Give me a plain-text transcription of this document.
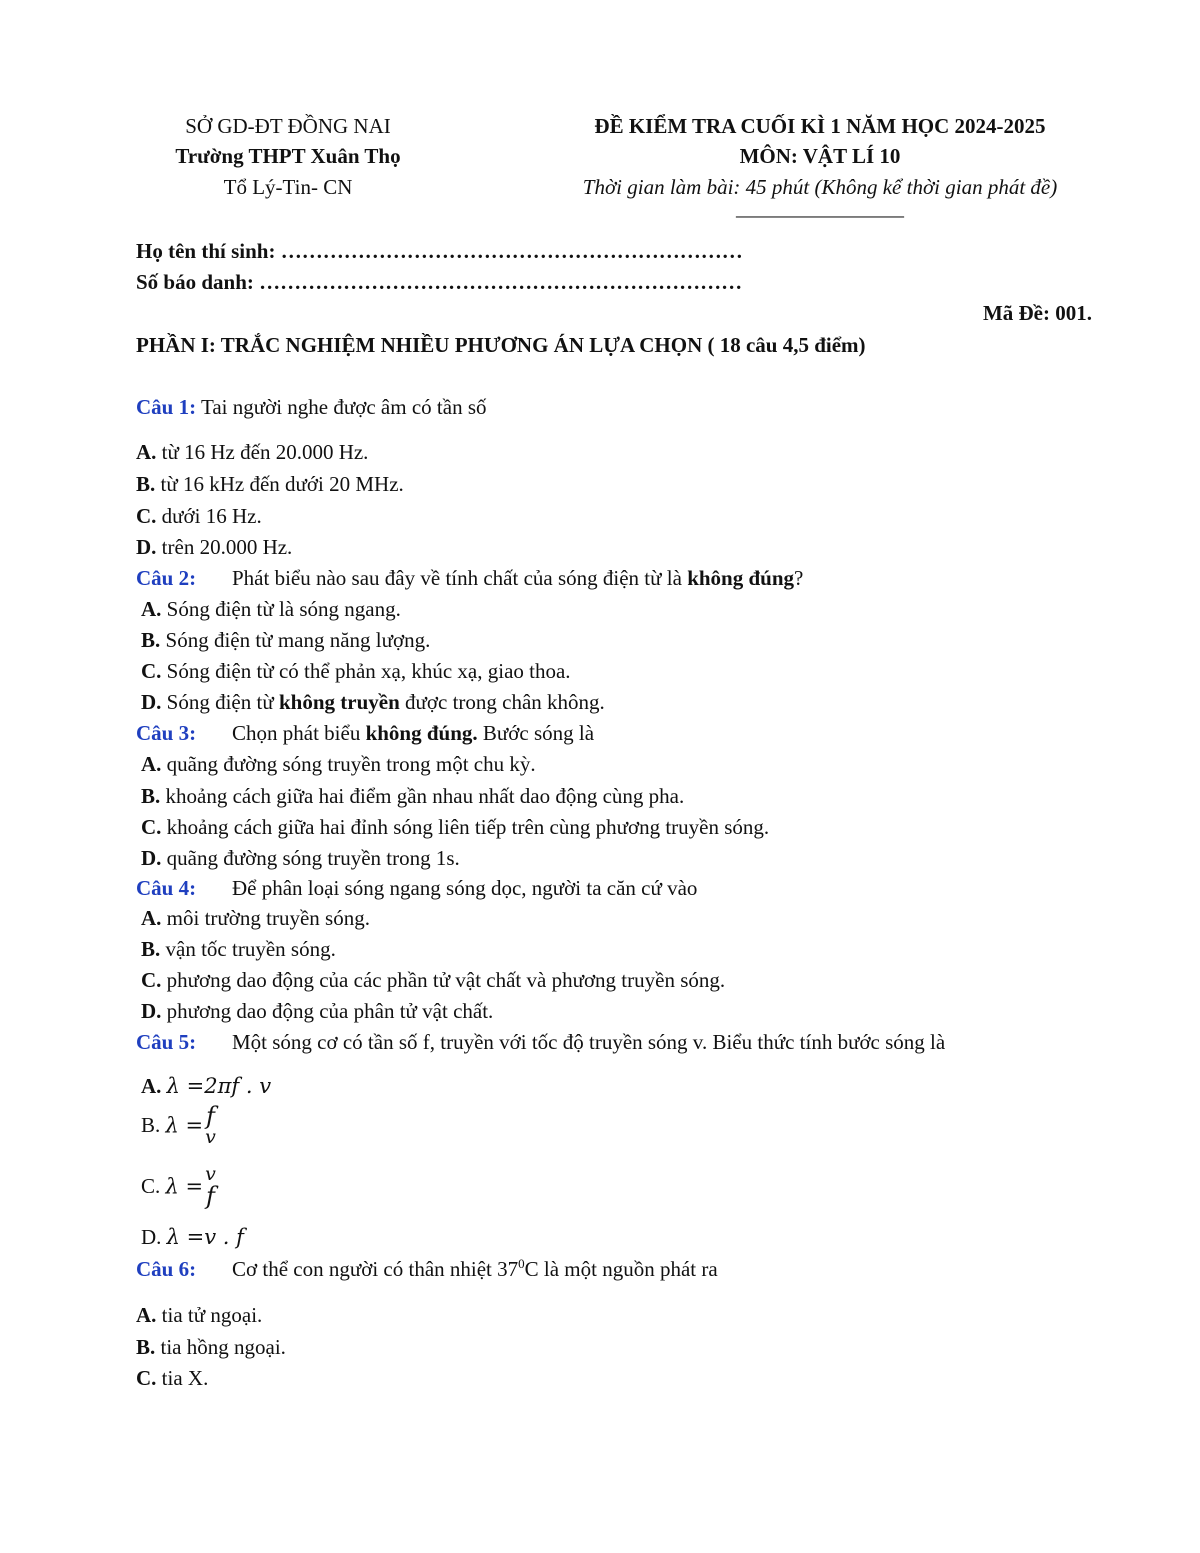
SỞ GD-ĐT ĐỒNG NAI
Trường THPT Xuân Thọ
Tổ Lý-Tin- CN
ĐỀ KIỂM TRA CUỐI KÌ 1 NĂM HỌC 2024-2025
MÔN: VẬT LÍ 10
Thời gian làm bài: 45 phút (Không kể thời gian phát đề)
––––––––––––––––
Họ tên thí sinh: …………………………………………………………
Số báo danh: ……………………………………………………………
Mã Đề: 001.
PHẦN I: TRẮC NGHIỆM NHIỀU PHƯƠNG ÁN LỰA CHỌN ( 18 câu 4,5 điểm)
Câu 1: Tai người nghe được âm có tần số
A. từ 16 Hz đến 20.000 Hz.
B. từ 16 kHz đến dưới 20 MHz.
C. dưới 16 Hz.
D. trên 20.000 Hz.
Câu 2: Phát biểu nào sau đây về tính chất của sóng điện từ là không đúng?
A. Sóng điện từ là sóng ngang.
B. Sóng điện từ mang năng lượng.
C. Sóng điện từ có thể phản xạ, khúc xạ, giao thoa.
D. Sóng điện từ không truyền được trong chân không.
Câu 3: Chọn phát biểu không đúng. Bước sóng là
A. quãng đường sóng truyền trong một chu kỳ.
B. khoảng cách giữa hai điểm gần nhau nhất dao động cùng pha.
C. khoảng cách giữa hai đỉnh sóng liên tiếp trên cùng phương truyền sóng.
D. quãng đường sóng truyền trong 1s.
Câu 4: Để phân loại sóng ngang sóng dọc, người ta căn cứ vào
A. môi trường truyền sóng.
B. vận tốc truyền sóng.
C. phương dao động của các phần tử vật chất và phương truyền sóng.
D. phương dao động của phân tử vật chất.
Câu 5: Một sóng cơ có tần số f, truyền với tốc độ truyền sóng v. Biểu thức tính bước sóng là
A. λ =2πf . v
B. λ = f
v
C. λ =
v
f
D. λ =v . f
Câu 6: Cơ thể con người có thân nhiệt $37^0C$ là một nguồn phát ra
A. tia tử ngoại.
B. tia hồng ngoại.
C. tia X.
